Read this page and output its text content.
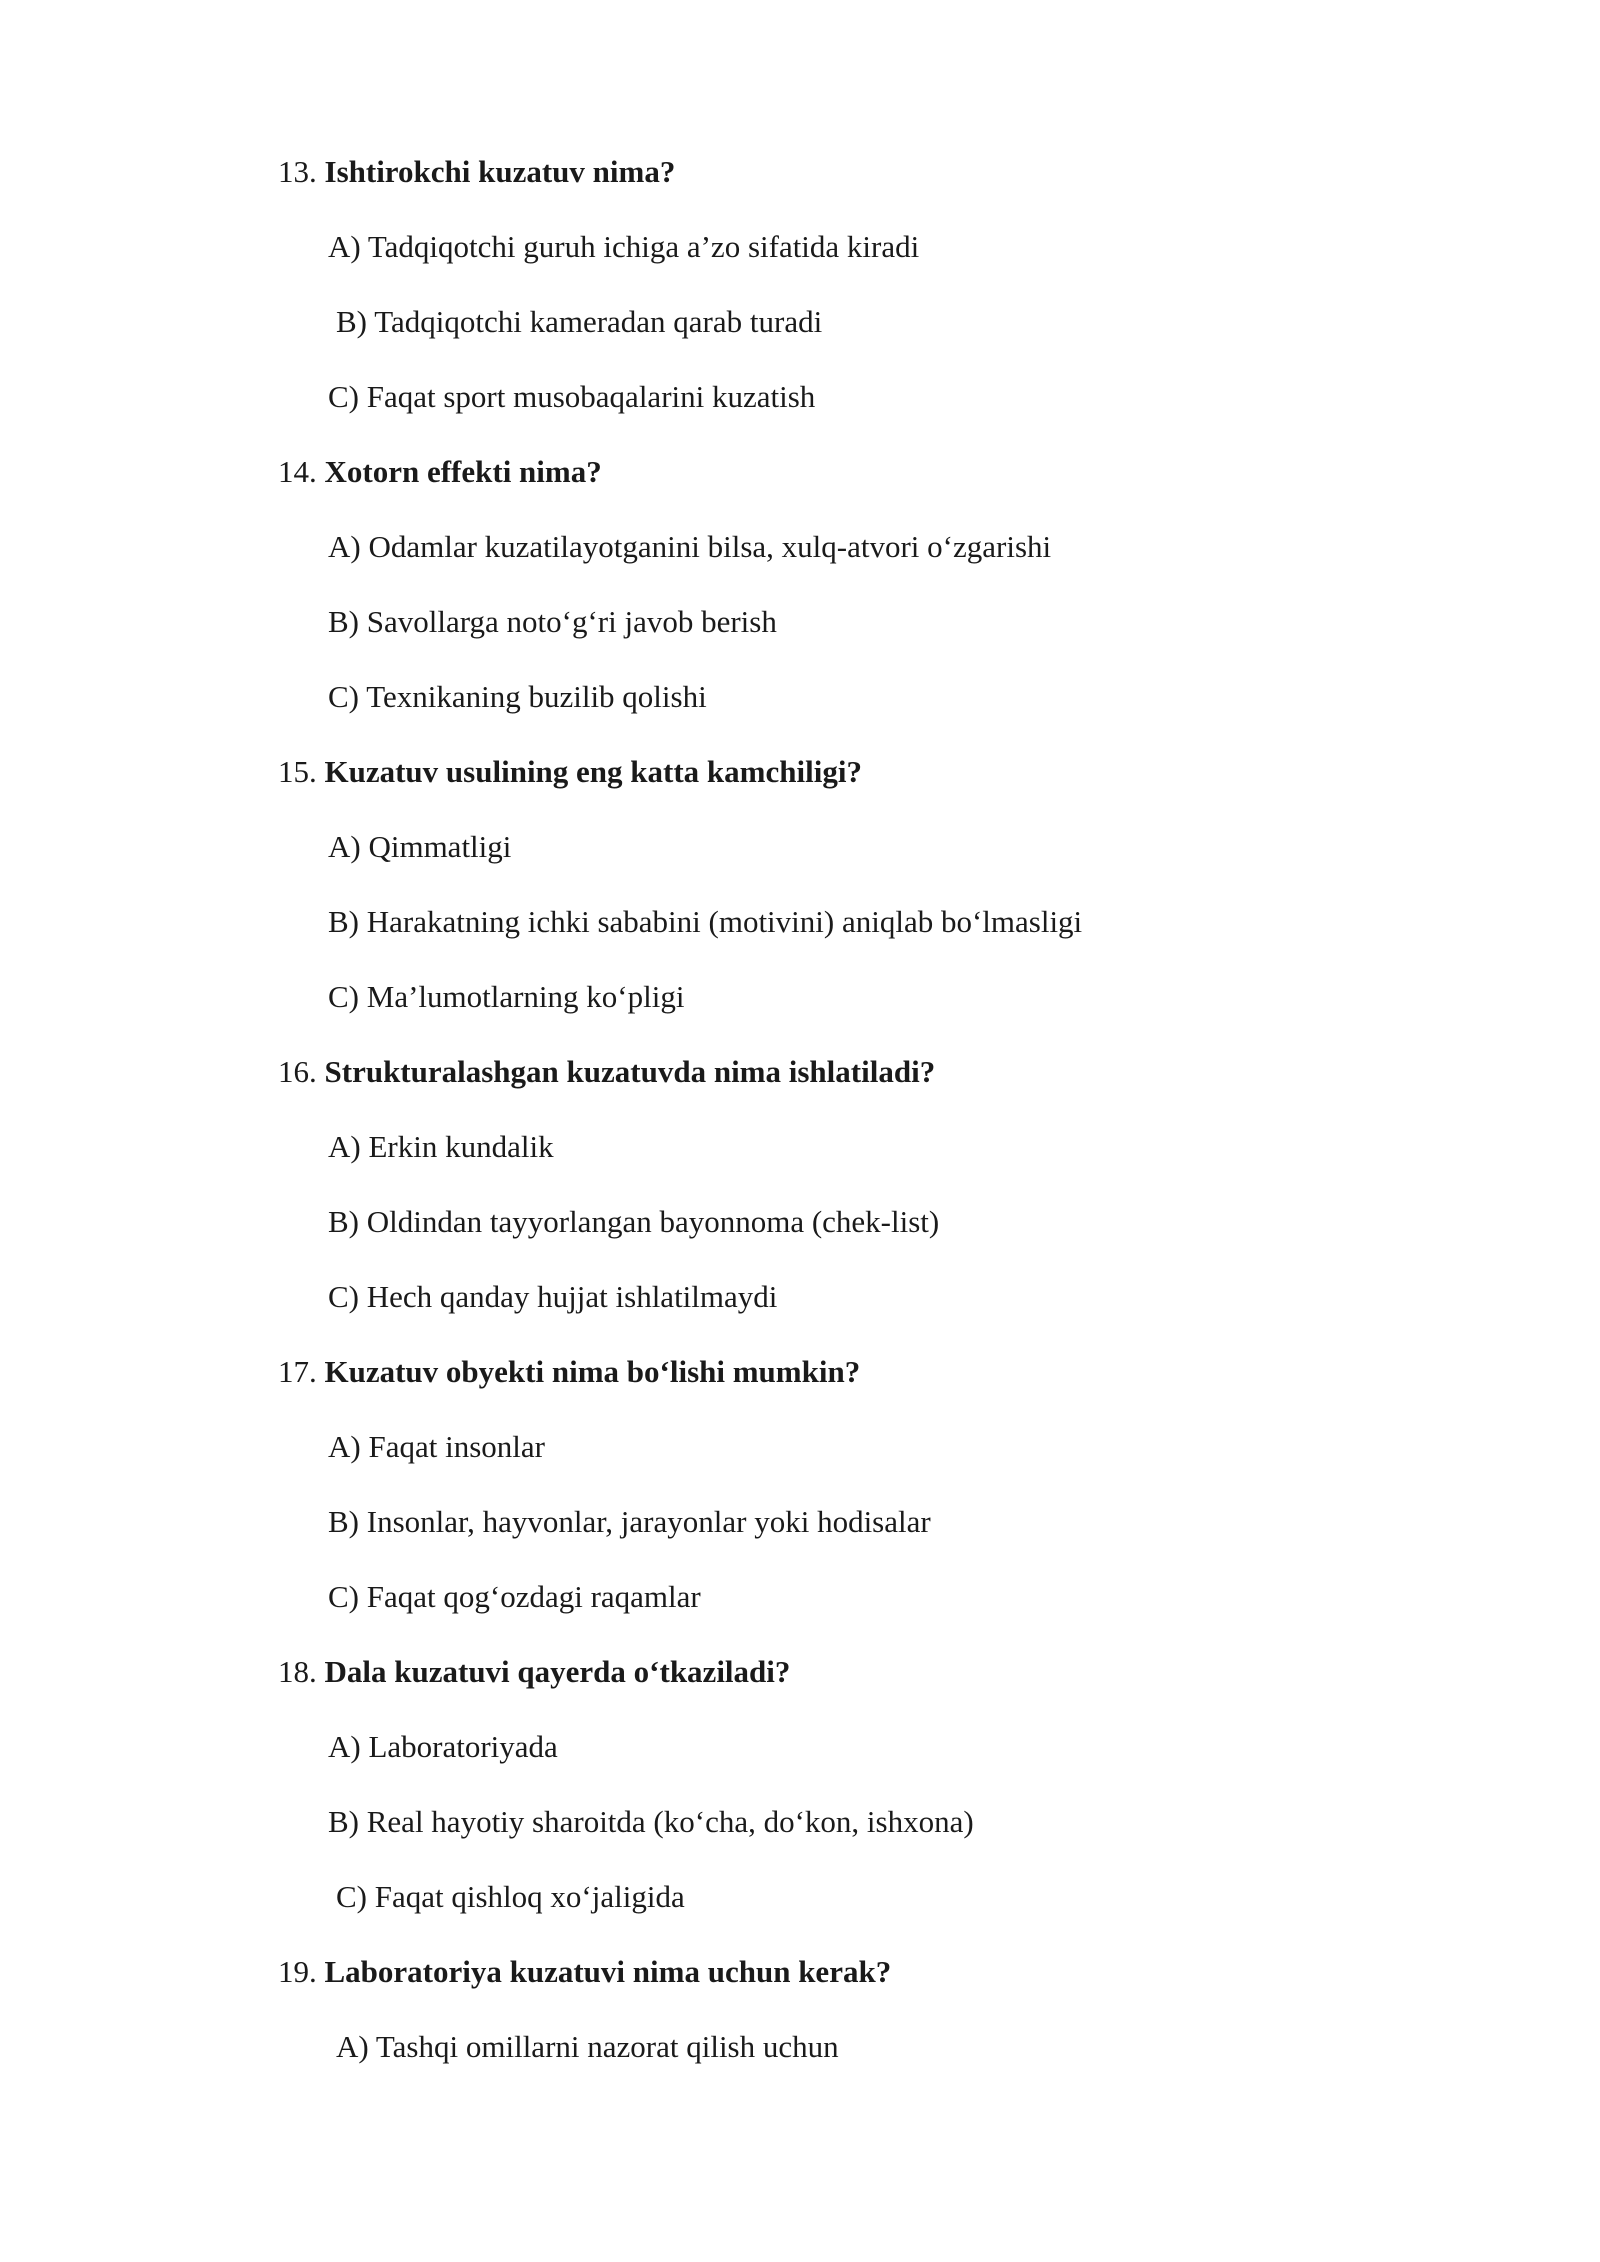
13. Ishtirokchi kuzatuv nima?
A) Tadqiqotchi guruh ichiga a’zo sifatida kiradi
B) Tadqiqotchi kameradan qarab turadi
C) Faqat sport musobaqalarini kuzatish
14. Xotorn effekti nima?
A) Odamlar kuzatilayotganini bilsa, xulq-atvori o‘zgarishi
B) Savollarga noto‘g‘ri javob berish
C) Texnikaning buzilib qolishi
15. Kuzatuv usulining eng katta kamchiligi?
A) Qimmatligi
B) Harakatning ichki sababini (motivini) aniqlab bo‘lmasligi
C) Ma’lumotlarning ko‘pligi
16. Strukturalashgan kuzatuvda nima ishlatiladi?
A) Erkin kundalik
B) Oldindan tayyorlangan bayonnoma (chek-list)
C) Hech qanday hujjat ishlatilmaydi
17. Kuzatuv obyekti nima bo‘lishi mumkin?
A) Faqat insonlar
B) Insonlar, hayvonlar, jarayonlar yoki hodisalar
C) Faqat qog‘ozdagi raqamlar
18. Dala kuzatuvi qayerda o‘tkaziladi?
A) Laboratoriyada
B) Real hayotiy sharoitda (ko‘cha, do‘kon, ishxona)
C) Faqat qishloq xo‘jaligida
19. Laboratoriya kuzatuvi nima uchun kerak?
A) Tashqi omillarni nazorat qilish uchun
